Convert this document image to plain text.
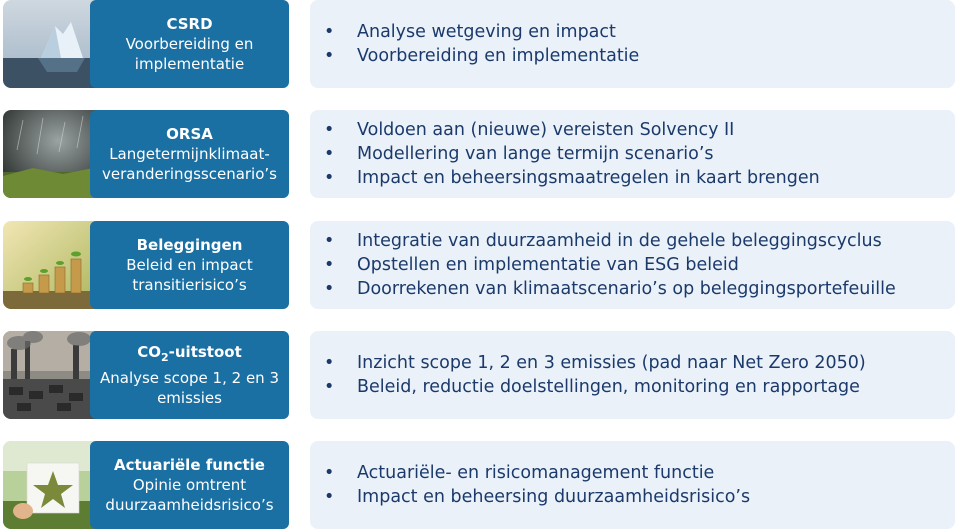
CSRD
Voorbereiding en
implementatie
• Analyse wetgeving en impact
• Voorbereiding en implementatie
ORSA
Langetermijnklimaat-
veranderingsscenario’s
• Voldoen aan (nieuwe) vereisten Solvency II
• Modellering van lange termijn scenario’s
• Impact en beheersingsmaatregelen in kaart brengen
Beleggingen
Beleid en impact
transitierisico’s
• Integratie van duurzaamheid in de gehele beleggingscyclus
• Opstellen en implementatie van ESG beleid
• Doorrekenen van klimaatscenario’s op beleggingsportefeuille
$CO_2$-uitstoot
Analyse scope 1, 2 en 3
emissies
• Inzicht scope 1, 2 en 3 emissies (pad naar Net Zero 2050)
• Beleid, reductie doelstellingen, monitoring en rapportage
Actuariële functie
Opinie omtrent
duurzaamheidsrisico’s
• Actuariële- en risicomanagement functie
• Impact en beheersing duurzaamheidsrisico’s
